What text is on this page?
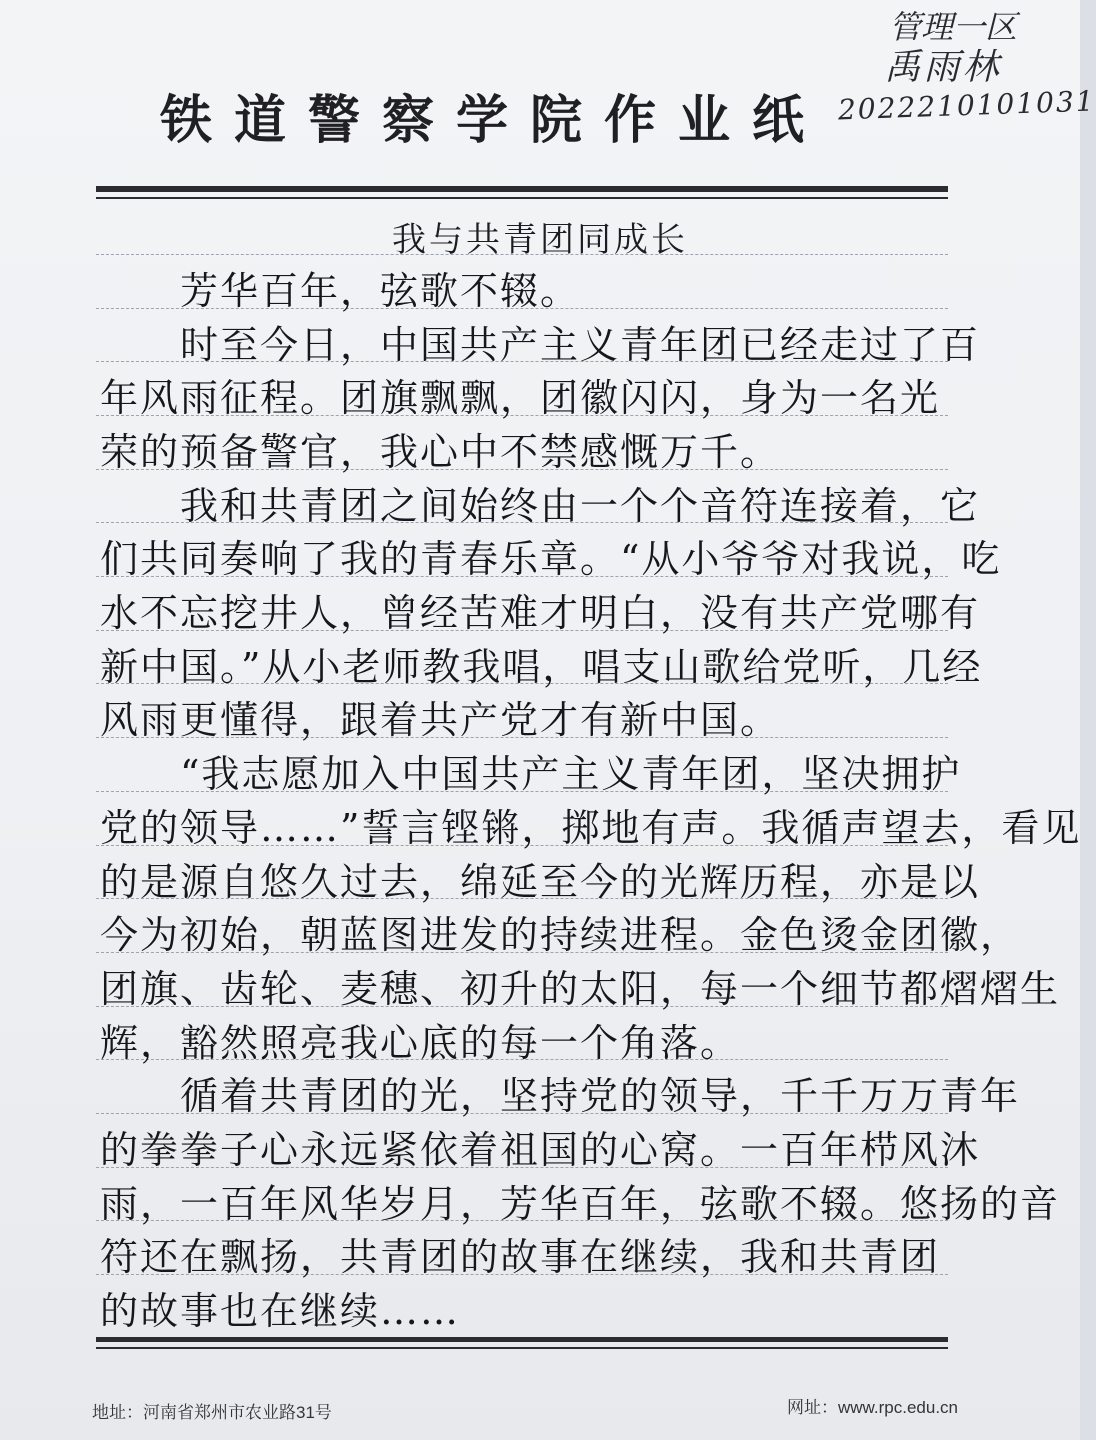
管理一区
禹雨林
2022210101031
铁道警察学院作业纸
我与共青团同成长
芳华百年，弦歌不辍。
时至今日，中国共产主义青年团已经走过了百
年风雨征程。团旗飘飘，团徽闪闪，身为一名光
荣的预备警官，我心中不禁感慨万千。
我和共青团之间始终由一个个音符连接着，它
们共同奏响了我的青春乐章。“从小爷爷对我说，吃
水不忘挖井人，曾经苦难才明白，没有共产党哪有
新中国。”从小老师教我唱，唱支山歌给党听，几经
风雨更懂得，跟着共产党才有新中国。
“我志愿加入中国共产主义青年团，坚决拥护
党的领导……”誓言铿锵，掷地有声。我循声望去，看见
的是源自悠久过去，绵延至今的光辉历程，亦是以
今为初始，朝蓝图进发的持续进程。金色烫金团徽，
团旗、齿轮、麦穗、初升的太阳，每一个细节都熠熠生
辉，豁然照亮我心底的每一个角落。
循着共青团的光，坚持党的领导，千千万万青年
的拳拳子心永远紧依着祖国的心窝。一百年栉风沐
雨，一百年风华岁月，芳华百年，弦歌不辍。悠扬的音
符还在飘扬，共青团的故事在继续，我和共青团
地址：河南省郑州市农业路31号	网址：www.rpc.edu.cn
的故事也在继续……
